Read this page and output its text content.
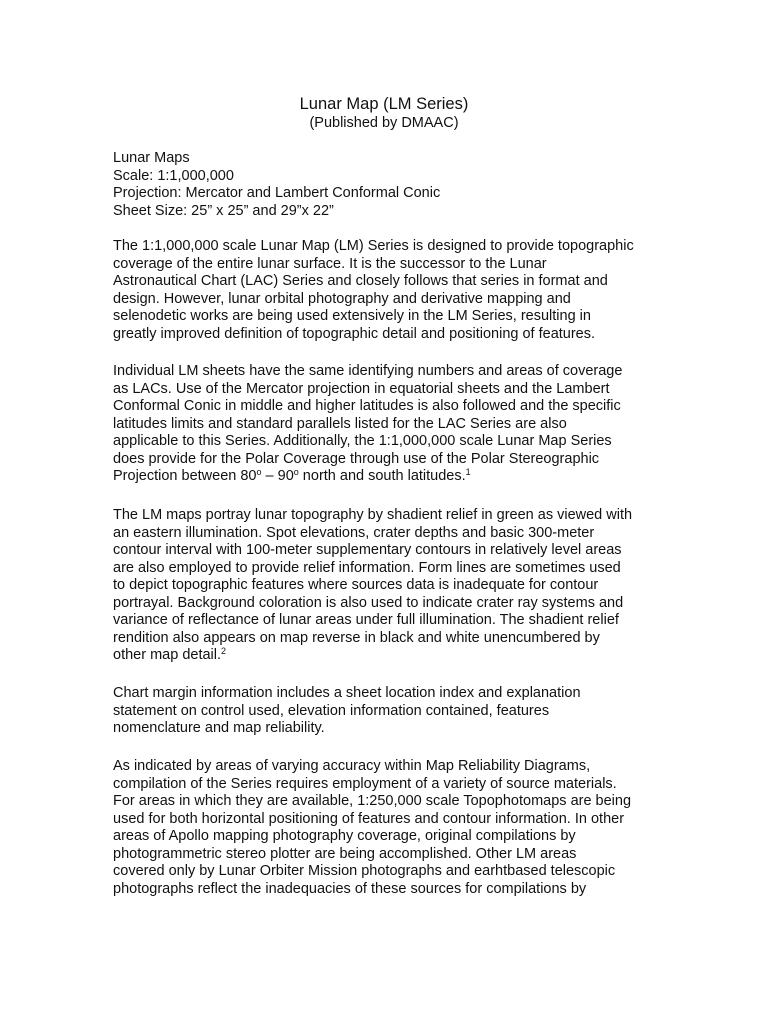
Lunar Map (LM Series)
(Published by DMAAC)
Lunar Maps
Scale: 1:1,000,000
Projection: Mercator and Lambert Conformal Conic
Sheet Size: 25” x 25” and 29”x 22”
The 1:1,000,000 scale Lunar Map (LM) Series is designed to provide topographic
coverage of the entire lunar surface. It is the successor to the Lunar
Astronautical Chart (LAC) Series and closely follows that series in format and
design. However, lunar orbital photography and derivative mapping and
selenodetic works are being used extensively in the LM Series, resulting in
greatly improved definition of topographic detail and positioning of features.
Individual LM sheets have the same identifying numbers and areas of coverage
as LACs. Use of the Mercator projection in equatorial sheets and the Lambert
Conformal Conic in middle and higher latitudes is also followed and the specific
latitudes limits and standard parallels listed for the LAC Series are also
applicable to this Series. Additionally, the 1:1,000,000 scale Lunar Map Series
does provide for the Polar Coverage through use of the Polar Stereographic
Projection between 80$^o$ – 90$^o$ north and south latitudes.$^1$
The LM maps portray lunar topography by shadient relief in green as viewed with
an eastern illumination. Spot elevations, crater depths and basic 300-meter
contour interval with 100-meter supplementary contours in relatively level areas
are also employed to provide relief information. Form lines are sometimes used
to depict topographic features where sources data is inadequate for contour
portrayal. Background coloration is also used to indicate crater ray systems and
variance of reflectance of lunar areas under full illumination. The shadient relief
rendition also appears on map reverse in black and white unencumbered by
other map detail.$^2$
Chart margin information includes a sheet location index and explanation
statement on control used, elevation information contained, features
nomenclature and map reliability.
As indicated by areas of varying accuracy within Map Reliability Diagrams,
compilation of the Series requires employment of a variety of source materials.
For areas in which they are available, 1:250,000 scale Topophotomaps are being
used for both horizontal positioning of features and contour information. In other
areas of Apollo mapping photography coverage, original compilations by
photogrammetric stereo plotter are being accomplished. Other LM areas
covered only by Lunar Orbiter Mission photographs and earhtbased telescopic
photographs reflect the inadequacies of these sources for compilations by
